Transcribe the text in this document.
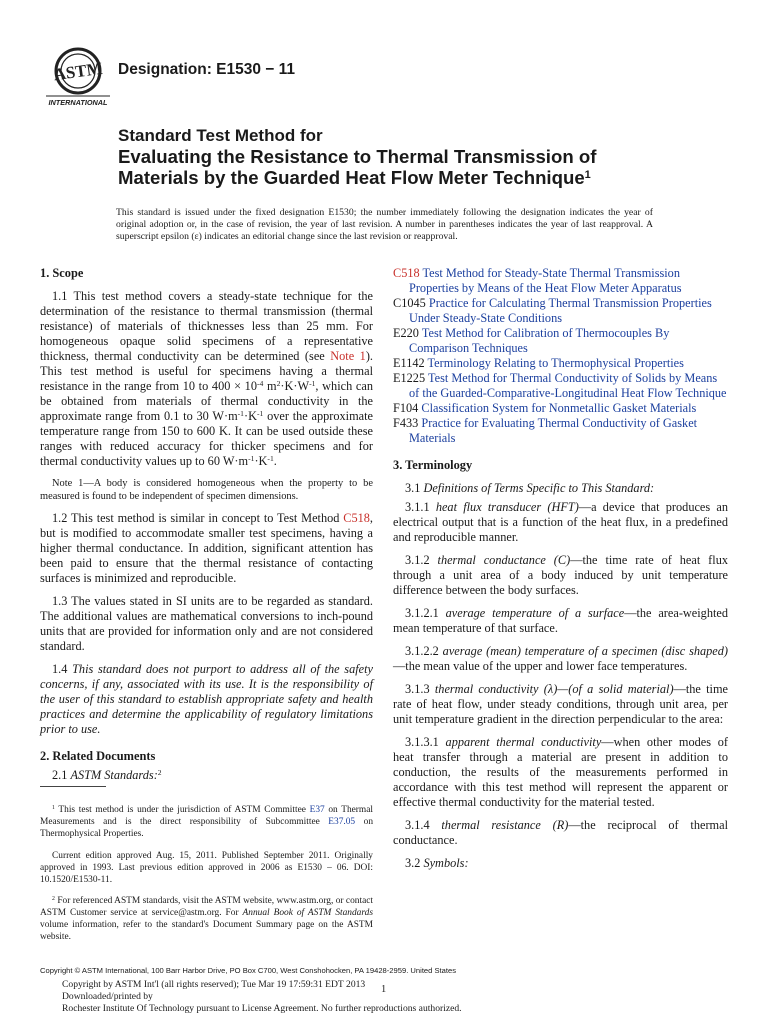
ASTM
INTERNATIONAL
Designation: E1530 − 11
Standard Test Method for
Evaluating the Resistance to Thermal Transmission of
Materials by the Guarded Heat Flow Meter Technique$^1$
This standard is issued under the fixed designation E1530; the number immediately following the designation indicates the year of original adoption or, in the case of revision, the year of last revision. A number in parentheses indicates the year of last reapproval. A superscript epsilon (ε) indicates an editorial change since the last revision or reapproval.
1. Scope

1.1 This test method covers a steady-state technique for the determination of the resistance to thermal transmission (thermal resistance) of materials of thicknesses less than 25 mm. For homogeneous opaque solid specimens of a representative thickness, thermal conductivity can be determined (see Note 1). This test method is useful for specimens having a thermal resistance in the range from 10 to $400 \times 10^{-4}$ $m^2\cdot K\cdot W^{-1}$, which can be obtained from materials of thermal conductivity in the approximate range from 0.1 to 30 $W\cdot m^{-1}\cdot K^{-1}$ over the approximate temperature range from 150 to 600 K. It can be used outside these ranges with reduced accuracy for thicker specimens and for thermal conductivity values up to 60 $W\cdot m^{-1}\cdot K^{-1}$.

Note 1—A body is considered homogeneous when the property to be measured is found to be independent of specimen dimensions.

1.2 This test method is similar in concept to Test Method C518, but is modified to accommodate smaller test specimens, having a higher thermal conductance. In addition, significant attention has been paid to ensure that the thermal resistance of contacting surfaces is minimized and reproducible.

1.3 The values stated in SI units are to be regarded as standard. The additional values are mathematical conversions to inch-pound units that are provided for information only and are not considered standard.

1.4 This standard does not purport to address all of the safety concerns, if any, associated with its use. It is the responsibility of the user of this standard to establish appropriate safety and health practices and determine the applicability of regulatory limitations prior to use.

2. Related Documents

2.1 ASTM Standards:$^2$

$^1$ This test method is under the jurisdiction of ASTM Committee E37 on Thermal Measurements and is the direct responsibility of Subcommittee E37.05 on Thermophysical Properties.

Current edition approved Aug. 15, 2011. Published September 2011. Originally approved in 1993. Last previous edition approved in 2006 as E1530 – 06. DOI: 10.1520/E1530-11.

$^2$ For referenced ASTM standards, visit the ASTM website, www.astm.org, or contact ASTM Customer service at service@astm.org. For Annual Book of ASTM Standards volume information, refer to the standard's Document Summary page on the ASTM website.

C518 Test Method for Steady-State Thermal Transmission Properties by Means of the Heat Flow Meter Apparatus

C1045 Practice for Calculating Thermal Transmission Properties Under Steady-State Conditions

E220 Test Method for Calibration of Thermocouples By Comparison Techniques

E1142 Terminology Relating to Thermophysical Properties

E1225 Test Method for Thermal Conductivity of Solids by Means of the Guarded-Comparative-Longitudinal Heat Flow Technique

F104 Classification System for Nonmetallic Gasket Materials

F433 Practice for Evaluating Thermal Conductivity of Gasket Materials

3. Terminology

3.1 Definitions of Terms Specific to This Standard:

3.1.1 heat flux transducer (HFT)—a device that produces an electrical output that is a function of the heat flux, in a predefined and reproducible manner.

3.1.2 thermal conductance (C)—the time rate of heat flux through a unit area of a body induced by unit temperature difference between the body surfaces.

3.1.2.1 average temperature of a surface—the area-weighted mean temperature of that surface.

3.1.2.2 average (mean) temperature of a specimen (disc shaped)—the mean value of the upper and lower face temperatures.

3.1.3 thermal conductivity (λ)—(of a solid material)—the time rate of heat flow, under steady conditions, through unit area, per unit temperature gradient in the direction perpendicular to the area:

3.1.3.1 apparent thermal conductivity—when other modes of heat transfer through a material are present in addition to conduction, the results of the measurements performed in accordance with this test method will represent the apparent or effective thermal conductivity for the material tested.

3.1.4 thermal resistance (R)—the reciprocal of thermal conductance.

3.2 Symbols:

Copyright © ASTM International, 100 Barr Harbor Drive, PO Box C700, West Conshohocken, PA 19428-2959. United States
Copyright by ASTM Int'l (all rights reserved); Tue Mar 19 17:59:31 EDT 2013
Downloaded/printed by
Rochester Institute Of Technology pursuant to License Agreement. No further reproductions authorized.
1
